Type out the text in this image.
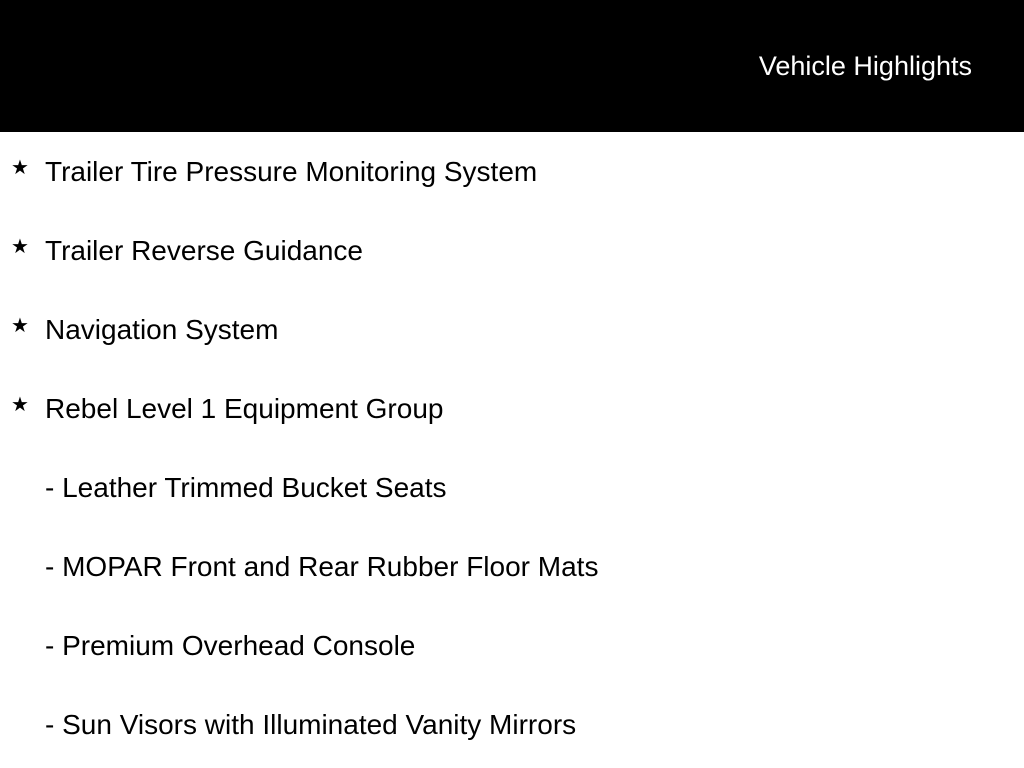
Vehicle Highlights
★ Trailer Tire Pressure Monitoring System
★ Trailer Reverse Guidance
★ Navigation System
★ Rebel Level 1 Equipment Group
- Leather Trimmed Bucket Seats
- MOPAR Front and Rear Rubber Floor Mats
- Premium Overhead Console
- Sun Visors with Illuminated Vanity Mirrors
